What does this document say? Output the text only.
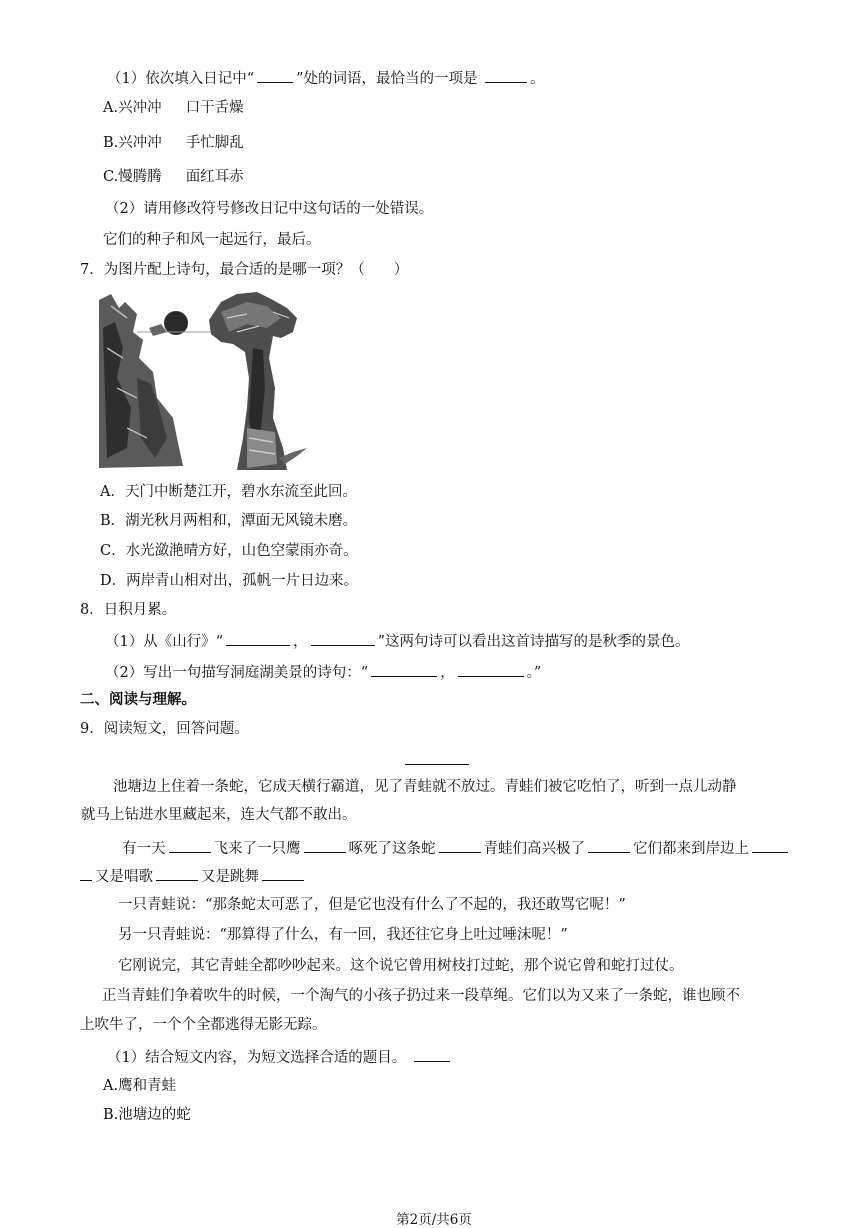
（1）依次填入日记中“	”处的词语，最恰当的一项是	。
A.兴冲冲 口干舌燥
B.兴冲冲 手忙脚乱
C.慢腾腾 面红耳赤
（2）请用修改符号修改日记中这句话的一处错误。
它们的种子和风一起远行，最后。
7．为图片配上诗句，最合适的是哪一项？（　　）
A．天门中断楚江开，碧水东流至此回。
B．湖光秋月两相和，潭面无风镜未磨。
C．水光潋滟晴方好，山色空蒙雨亦奇。
D．两岸青山相对出，孤帆一片日边来。
8．日积月累。
（1）从《山行》“	，	”这两句诗可以看出这首诗描写的是秋季的景色。
（2）写出一句描写洞庭湖美景的诗句：“	，	。”
二、阅读与理解。
9．阅读短文，回答问题。
池塘边上住着一条蛇，它成天横行霸道，见了青蛙就不放过。青蛙们被它吃怕了，听到一点儿动静
就马上钻进水里藏起来，连大气都不敢出。
有一天	飞来了一只鹰	啄死了这条蛇	青蛙们高兴极了	它们都来到岸边上
又是唱歌	又是跳舞
一只青蛙说：“那条蛇太可恶了，但是它也没有什么了不起的，我还敢骂它呢！”
另一只青蛙说：“那算得了什么，有一回，我还往它身上吐过唾沫呢！”
它刚说完，其它青蛙全都吵吵起来。这个说它曾用树枝打过蛇，那个说它曾和蛇打过仗。
正当青蛙们争着吹牛的时候，一个淘气的小孩子扔过来一段草绳。它们以为又来了一条蛇，谁也顾不
上吹牛了，一个个全都逃得无影无踪。
（1）结合短文内容，为短文选择合适的题目。
A.鹰和青蛙
B.池塘边的蛇
第2页/共6页
